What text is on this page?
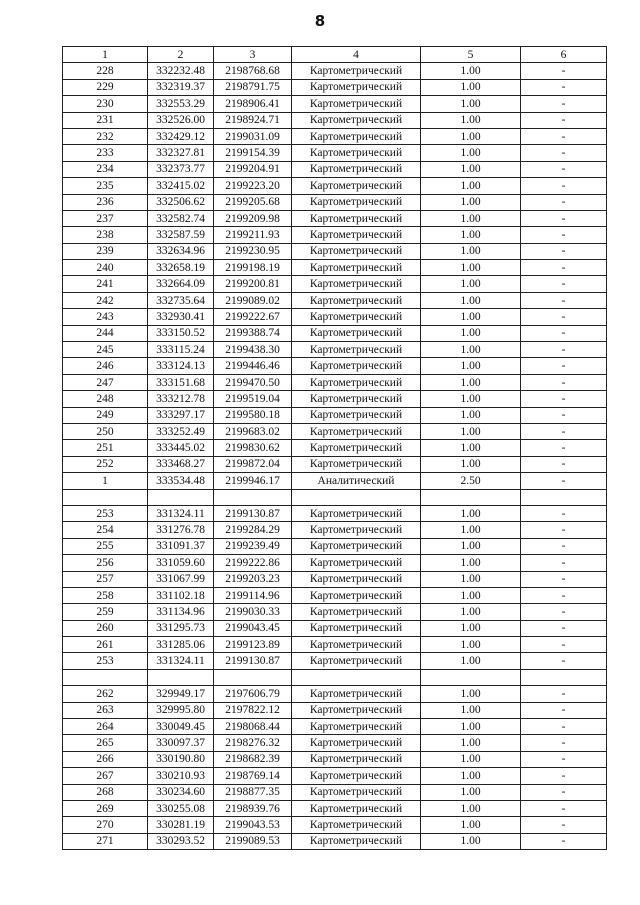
8
1	2	3	4	5	6
228	332232.48	2198768.68	Картометрический	1.00	-
229	332319.37	2198791.75	Картометрический	1.00	-
230	332553.29	2198906.41	Картометрический	1.00	-
231	332526.00	2198924.71	Картометрический	1.00	-
232	332429.12	2199031.09	Картометрический	1.00	-
233	332327.81	2199154.39	Картометрический	1.00	-
234	332373.77	2199204.91	Картометрический	1.00	-
235	332415.02	2199223.20	Картометрический	1.00	-
236	332506.62	2199205.68	Картометрический	1.00	-
237	332582.74	2199209.98	Картометрический	1.00	-
238	332587.59	2199211.93	Картометрический	1.00	-
239	332634.96	2199230.95	Картометрический	1.00	-
240	332658.19	2199198.19	Картометрический	1.00	-
241	332664.09	2199200.81	Картометрический	1.00	-
242	332735.64	2199089.02	Картометрический	1.00	-
243	332930.41	2199222.67	Картометрический	1.00	-
244	333150.52	2199388.74	Картометрический	1.00	-
245	333115.24	2199438.30	Картометрический	1.00	-
246	333124.13	2199446.46	Картометрический	1.00	-
247	333151.68	2199470.50	Картометрический	1.00	-
248	333212.78	2199519.04	Картометрический	1.00	-
249	333297.17	2199580.18	Картометрический	1.00	-
250	333252.49	2199683.02	Картометрический	1.00	-
251	333445.02	2199830.62	Картометрический	1.00	-
252	333468.27	2199872.04	Картометрический	1.00	-
1	333534.48	2199946.17	Аналитический	2.50	-

253	331324.11	2199130.87	Картометрический	1.00	-
254	331276.78	2199284.29	Картометрический	1.00	-
255	331091.37	2199239.49	Картометрический	1.00	-
256	331059.60	2199222.86	Картометрический	1.00	-
257	331067.99	2199203.23	Картометрический	1.00	-
258	331102.18	2199114.96	Картометрический	1.00	-
259	331134.96	2199030.33	Картометрический	1.00	-
260	331295.73	2199043.45	Картометрический	1.00	-
261	331285.06	2199123.89	Картометрический	1.00	-
253	331324.11	2199130.87	Картометрический	1.00	-

262	329949.17	2197606.79	Картометрический	1.00	-
263	329995.80	2197822.12	Картометрический	1.00	-
264	330049.45	2198068.44	Картометрический	1.00	-
265	330097.37	2198276.32	Картометрический	1.00	-
266	330190.80	2198682.39	Картометрический	1.00	-
267	330210.93	2198769.14	Картометрический	1.00	-
268	330234.60	2198877.35	Картометрический	1.00	-
269	330255.08	2198939.76	Картометрический	1.00	-
270	330281.19	2199043.53	Картометрический	1.00	-
271	330293.52	2199089.53	Картометрический	1.00	-
